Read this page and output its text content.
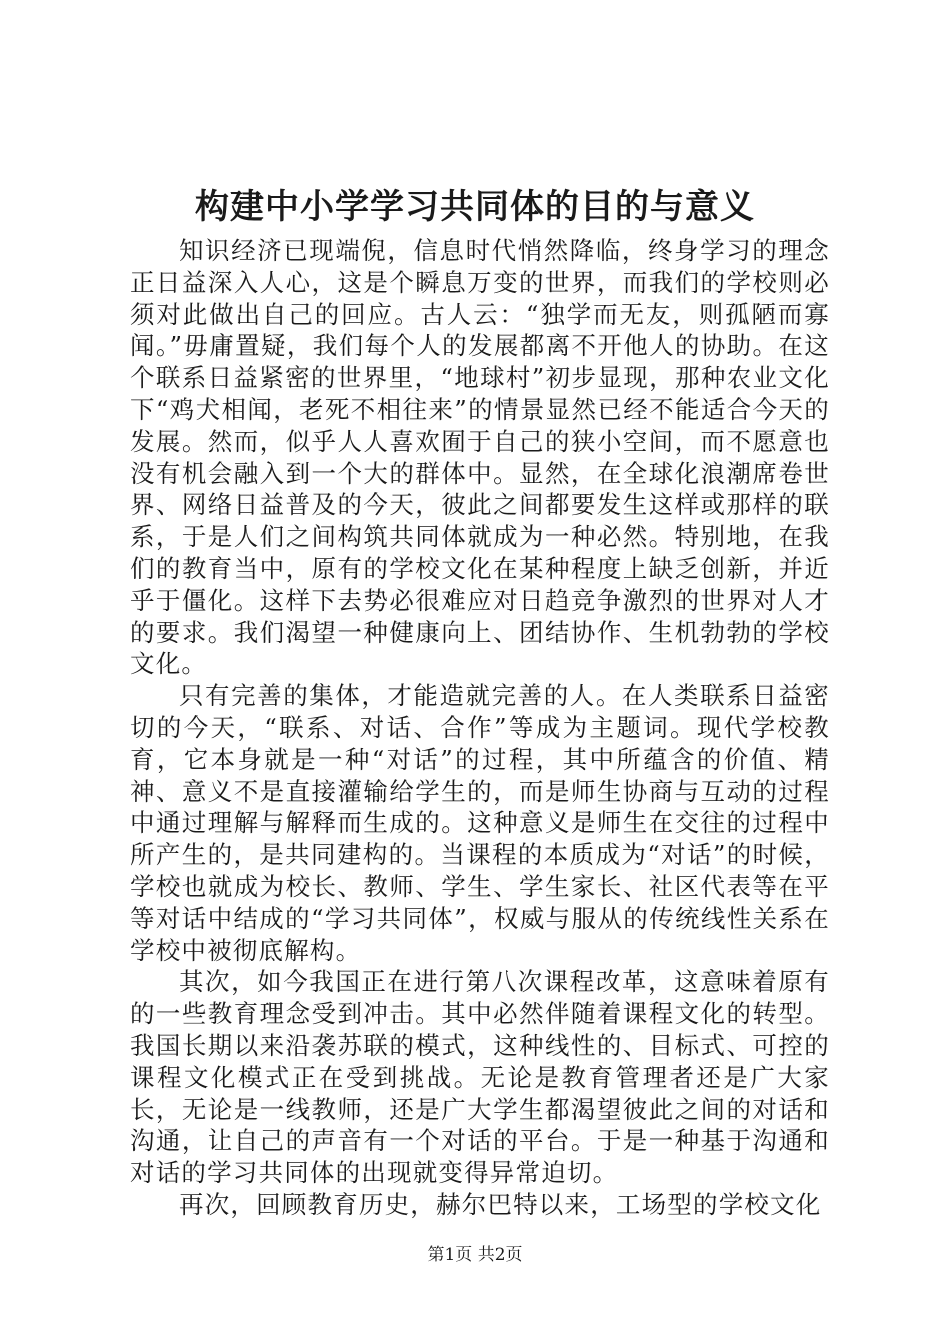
构建中小学学习共同体的目的与意义

知识经济已现端倪，信息时代悄然降临，终身学习的理念正日益深入人心，这是个瞬息万变的世界，而我们的学校则必须对此做出自己的回应。古人云：“独学而无友，则孤陋而寡闻。”毋庸置疑，我们每个人的发展都离不开他人的协助。在这个联系日益紧密的世界里，“地球村”初步显现，那种农业文化下“鸡犬相闻，老死不相往来”的情景显然已经不能适合今天的发展。然而，似乎人人喜欢囿于自己的狭小空间，而不愿意也没有机会融入到一个大的群体中。显然，在全球化浪潮席卷世界、网络日益普及的今天，彼此之间都要发生这样或那样的联系，于是人们之间构筑共同体就成为一种必然。特别地，在我们的教育当中，原有的学校文化在某种程度上缺乏创新，并近乎于僵化。这样下去势必很难应对日趋竞争激烈的世界对人才的要求。我们渴望一种健康向上、团结协作、生机勃勃的学校文化。

只有完善的集体，才能造就完善的人。在人类联系日益密切的今天，“联系、对话、合作”等成为主题词。现代学校教育，它本身就是一种“对话”的过程，其中所蕴含的价值、精神、意义不是直接灌输给学生的，而是师生协商与互动的过程中通过理解与解释而生成的。这种意义是师生在交往的过程中所产生的，是共同建构的。当课程的本质成为“对话”的时候，学校也就成为校长、教师、学生、学生家长、社区代表等在平等对话中结成的“学习共同体”，权威与服从的传统线性关系在学校中被彻底解构。

其次，如今我国正在进行第八次课程改革，这意味着原有的一些教育理念受到冲击。其中必然伴随着课程文化的转型。我国长期以来沿袭苏联的模式，这种线性的、目标式、可控的课程文化模式正在受到挑战。无论是教育管理者还是广大家长，无论是一线教师，还是广大学生都渴望彼此之间的对话和沟通，让自己的声音有一个对话的平台。于是一种基于沟通和对话的学习共同体的出现就变得异常迫切。

再次，回顾教育历史，赫尔巴特以来，工场型的学校文化

第1页 共2页
